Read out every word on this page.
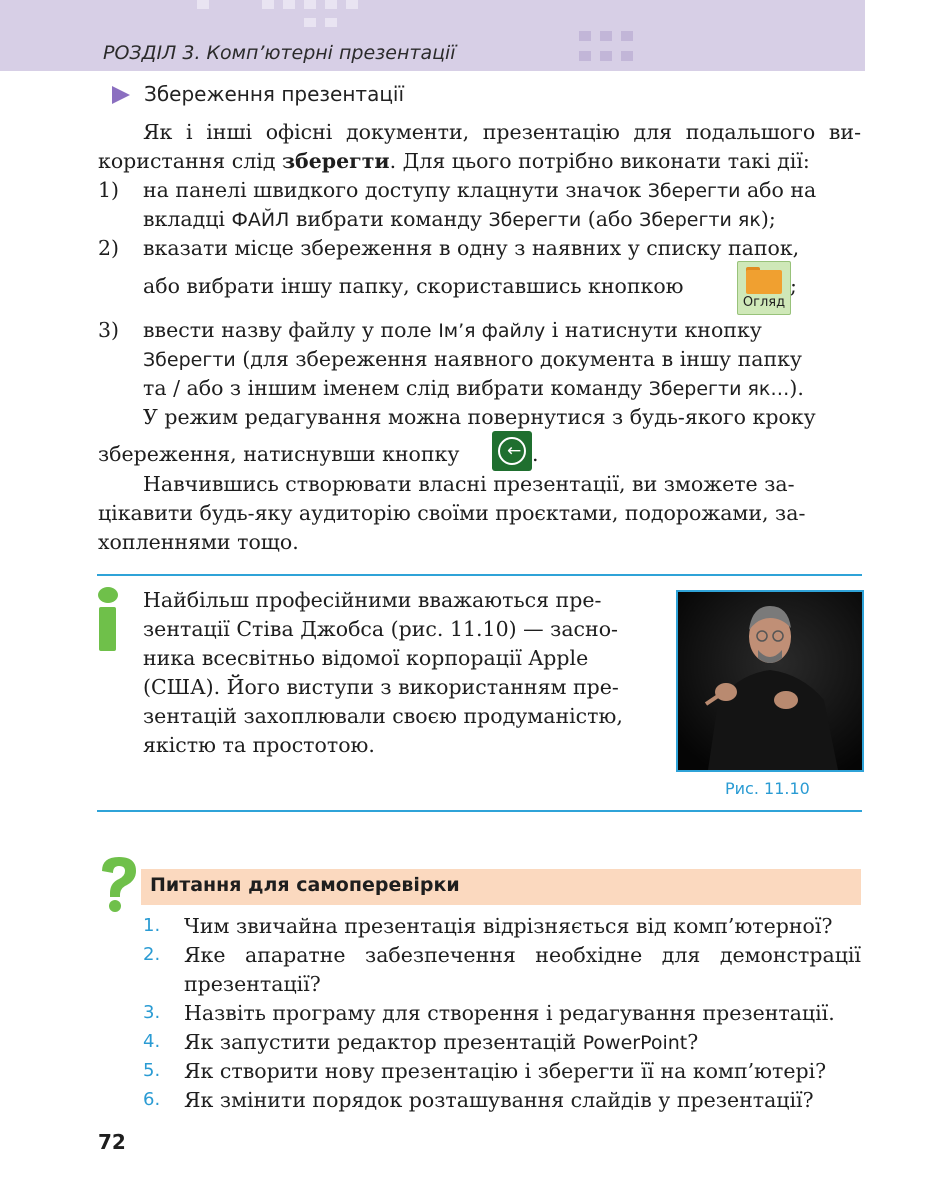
РОЗДІЛ 3. Комп’ютерні презентації
Збереження презентації
Як і інші офісні документи, презентацію для подальшого ви-
користання слід зберегти. Для цього потрібно виконати такі дії:
1) на панелі швидкого доступу клацнути значок Зберегти або на
вкладці ФАЙЛ вибрати команду Зберегти (або Зберегти як);
2) вказати місце збереження в одну з наявних у списку папок,
або вибрати іншу папку, скориставшись кнопкою
Огляд
;
3) ввести назву файлу у поле Ім’я файлу і натиснути кнопку
Зберегти (для збереження наявного документа в іншу папку
та / або з іншим іменем слід вибрати команду Зберегти як…).
У режим редагування можна повернутися з будь-якого кроку
збереження, натиснувши кнопку	← .
Навчившись створювати власні презентації, ви зможете за-
цікавити будь-яку аудиторію своїми проєктами, подорожами, за-
хопленнями тощо.
Найбільш професійними вважаються пре-
зентації Стіва Джобса (рис. 11.10) — засно-
ника всесвітньо відомої корпорації Apple
(США). Його виступи з використанням пре-
зентацій захоплювали своєю продуманістю,
якістю та простотою.
Рис. 11.10
Питання для самоперевірки
1. Чим звичайна презентація відрізняється від комп’ютерної?
2. Яке апаратне забезпечення необхідне для демонстрації
презентації?
3. Назвіть програму для створення і редагування презентації.
4. Як запустити редактор презентацій PowerPoint?
5. Як створити нову презентацію і зберегти її на комп’ютері?
6. Як змінити порядок розташування слайдів у презентації?
72
